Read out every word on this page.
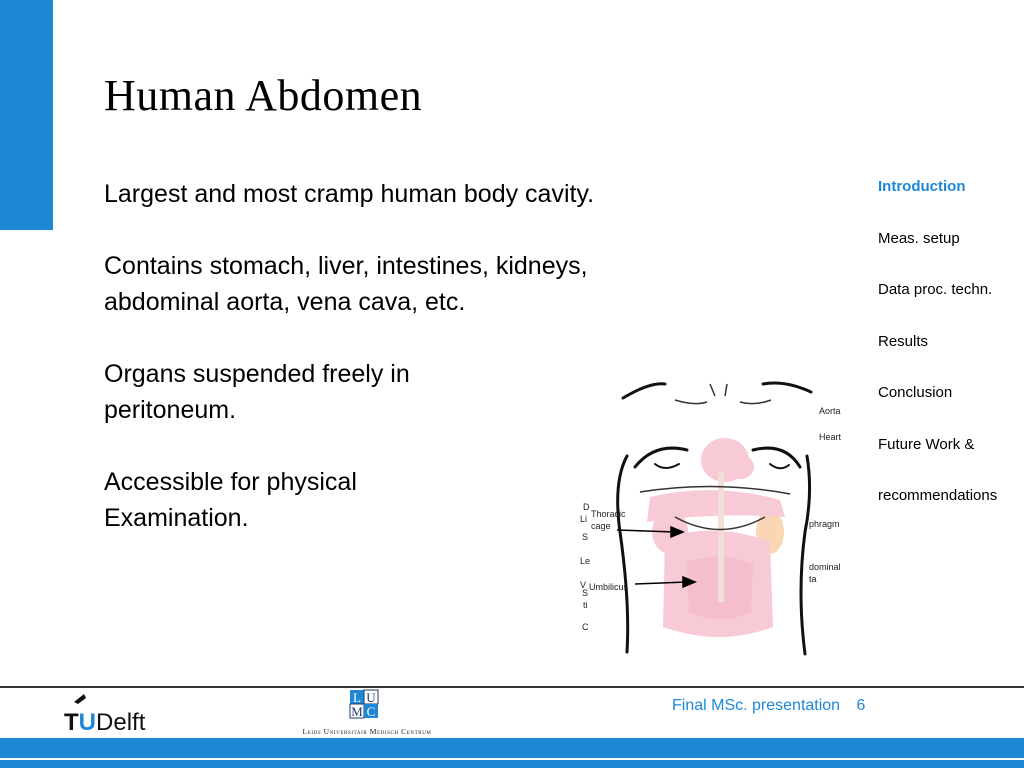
Human Abdomen
Largest and most cramp human body cavity.
Contains stomach, liver, intestines, kidneys, abdominal aorta, vena cava, etc.
Organs suspended freely in peritoneum.
Accessible for physical Examination.
Introduction
Meas. setup
Data proc. techn.
Results
Conclusion
Future Work &
recommendations
D
Li
S
Le
V
S
ti
C
Aorta
Heart
phragm
dominal
ta
Thoracic
cage
Umbilicus
TUDelft
L U
M C
Leids Universitair Medisch Centrum
Final MSc. presentation 6
